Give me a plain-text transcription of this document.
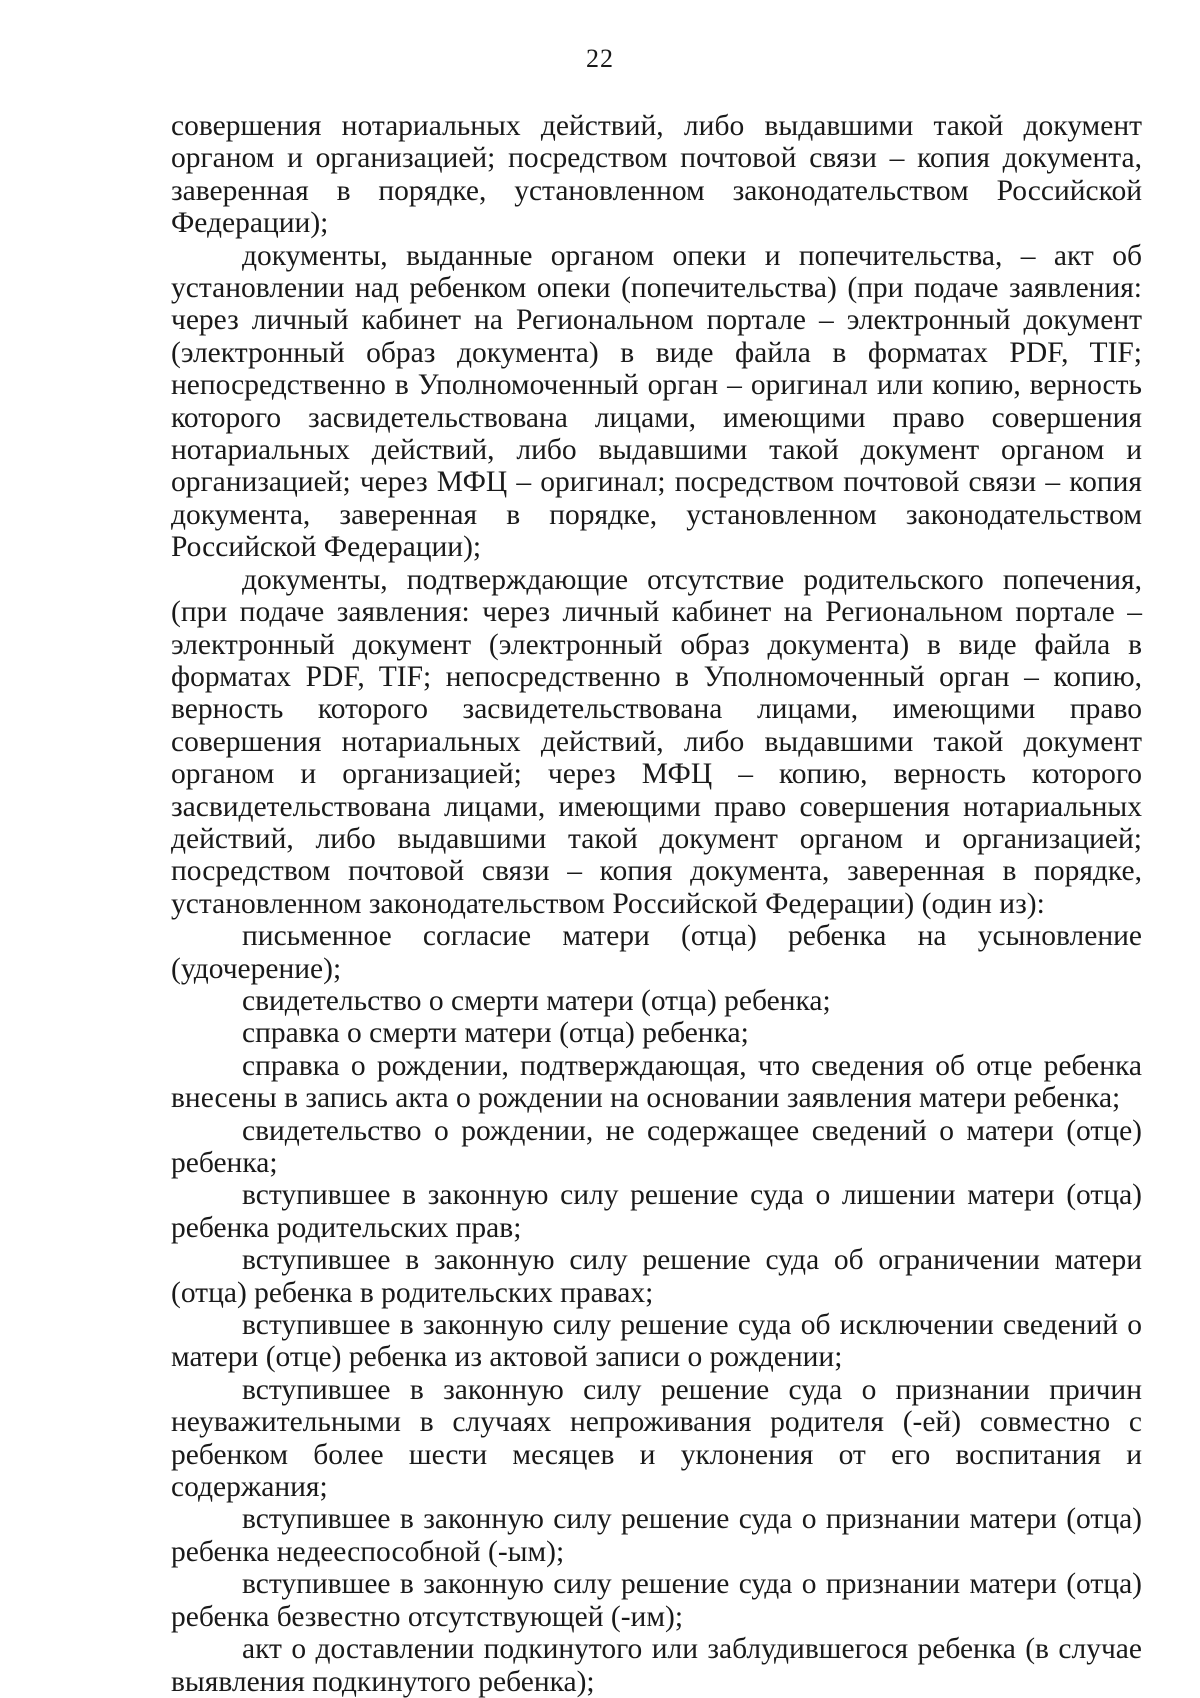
22

совершения нотариальных действий, либо выдавшими такой документ органом и организацией; посредством почтовой связи – копия документа, заверенная в порядке, установленном законодательством Российской Федерации);

документы, выданные органом опеки и попечительства, – акт об установлении над ребенком опеки (попечительства) (при подаче заявления: через личный кабинет на Региональном портале – электронный документ (электронный образ документа) в виде файла в форматах PDF, TIF; непосредственно в Уполномоченный орган – оригинал или копию, верность которого засвидетельствована лицами, имеющими право совершения нотариальных действий, либо выдавшими такой документ органом и организацией; через МФЦ – оригинал; посредством почтовой связи – копия документа, заверенная в порядке, установленном законодательством Российской Федерации);

документы, подтверждающие отсутствие родительского попечения, (при подаче заявления: через личный кабинет на Региональном портале – электронный документ (электронный образ документа) в виде файла в форматах PDF, TIF; непосредственно в Уполномоченный орган – копию, верность которого засвидетельствована лицами, имеющими право совершения нотариальных действий, либо выдавшими такой документ органом и организацией; через МФЦ – копию, верность которого засвидетельствована лицами, имеющими право совершения нотариальных действий, либо выдавшими такой документ органом и организацией; посредством почтовой связи – копия документа, заверенная в порядке, установленном законодательством Российской Федерации) (один из):

письменное согласие матери (отца) ребенка на усыновление (удочерение);

свидетельство о смерти матери (отца) ребенка;

справка о смерти матери (отца) ребенка;

справка о рождении, подтверждающая, что сведения об отце ребенка внесены в запись акта о рождении на основании заявления матери ребенка;

свидетельство о рождении, не содержащее сведений о матери (отце) ребенка;

вступившее в законную силу решение суда о лишении матери (отца) ребенка родительских прав;

вступившее в законную силу решение суда об ограничении матери (отца) ребенка в родительских правах;

вступившее в законную силу решение суда об исключении сведений о матери (отце) ребенка из актовой записи о рождении;

вступившее в законную силу решение суда о признании причин неуважительными в случаях непроживания родителя (-ей) совместно с ребенком более шести месяцев и уклонения от его воспитания и содержания;

вступившее в законную силу решение суда о признании матери (отца) ребенка недееспособной (-ым);

вступившее в законную силу решение суда о признании матери (отца) ребенка безвестно отсутствующей (-им);

акт о доставлении подкинутого или заблудившегося ребенка (в случае выявления подкинутого ребенка);
